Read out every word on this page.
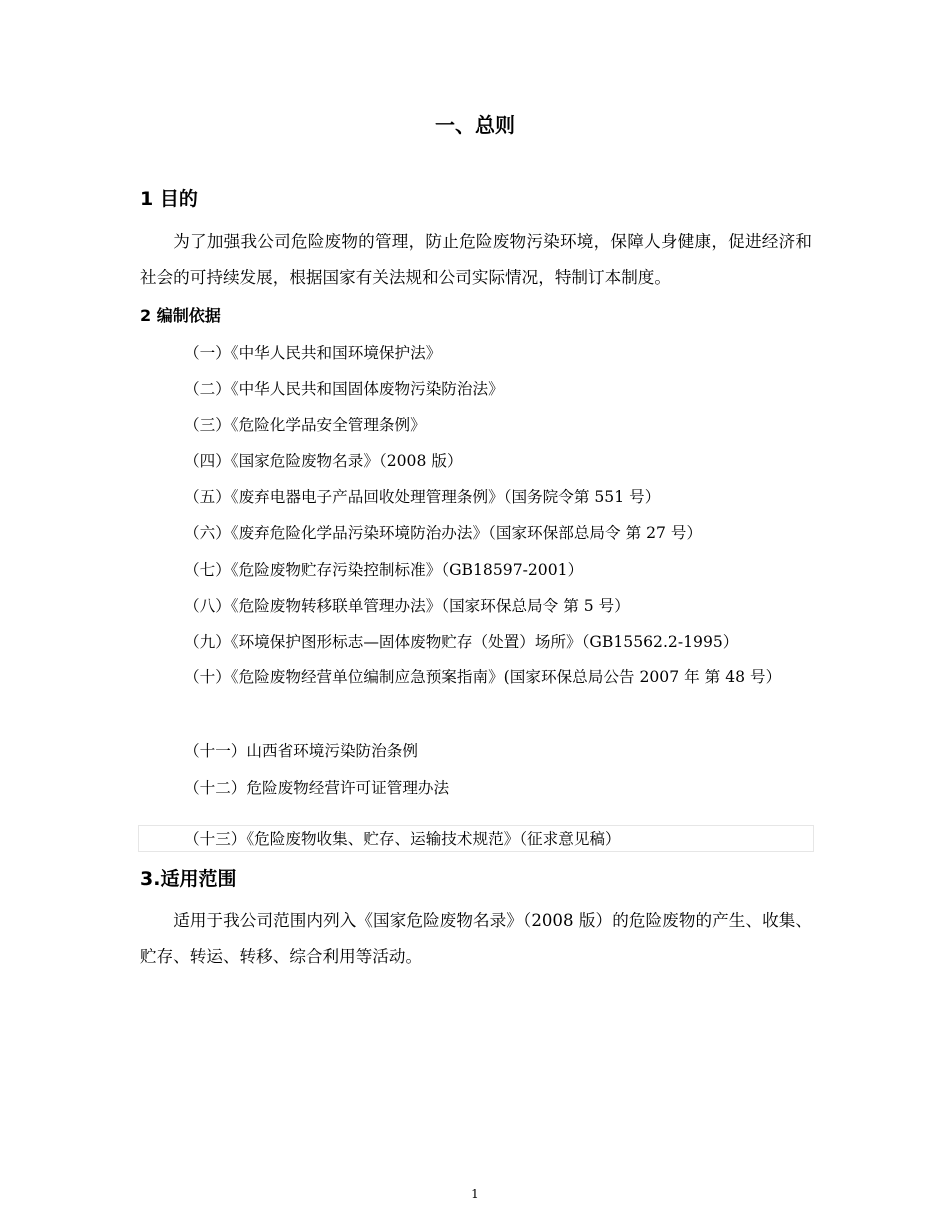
一、总则
1 目的
为了加强我公司危险废物的管理，防止危险废物污染环境，保障人身健康，促进经济和社会的可持续发展，根据国家有关法规和公司实际情况，特制订本制度。
2 编制依据
（一）《中华人民共和国环境保护法》
（二）《中华人民共和国固体废物污染防治法》
（三）《危险化学品安全管理条例》
（四）《国家危险废物名录》（2008 版）
（五）《废弃电器电子产品回收处理管理条例》（国务院令第 551 号）
（六）《废弃危险化学品污染环境防治办法》（国家环保部总局令 第 27 号）
（七）《危险废物贮存污染控制标准》（GB18597-2001）
（八）《危险废物转移联单管理办法》（国家环保总局令 第 5 号）
（九）《环境保护图形标志—固体废物贮存（处置）场所》（GB15562.2-1995）
（十）《危险废物经营单位编制应急预案指南》(国家环保总局公告 2007 年 第 48 号）
（十一）山西省环境污染防治条例
（十二）危险废物经营许可证管理办法
（十三）《危险废物收集、贮存、运输技术规范》（征求意见稿）
3.适用范围
适用于我公司范围内列入《国家危险废物名录》（2008 版）的危险废物的产生、收集、贮存、转运、转移、综合利用等活动。
1
